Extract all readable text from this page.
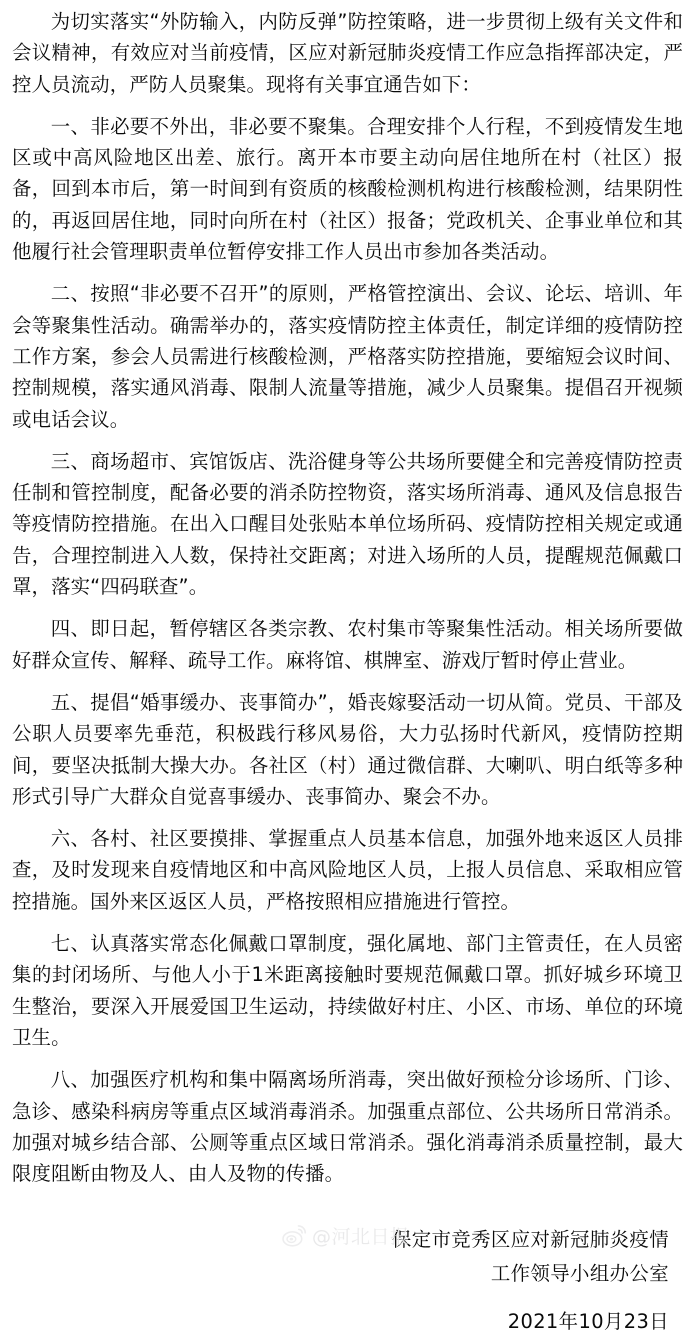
为切实落实“外防输入，内防反弹”防控策略，进一步贯彻上级有关文件和会议精神，有效应对当前疫情，区应对新冠肺炎疫情工作应急指挥部决定，严控人员流动，严防人员聚集。现将有关事宜通告如下：

一、非必要不外出，非必要不聚集。合理安排个人行程，不到疫情发生地区或中高风险地区出差、旅行。离开本市要主动向居住地所在村（社区）报备，回到本市后，第一时间到有资质的核酸检测机构进行核酸检测，结果阴性的，再返回居住地，同时向所在村（社区）报备；党政机关、企事业单位和其他履行社会管理职责单位暂停安排工作人员出市参加各类活动。

二、按照“非必要不召开”的原则，严格管控演出、会议、论坛、培训、年会等聚集性活动。确需举办的，落实疫情防控主体责任，制定详细的疫情防控工作方案，参会人员需进行核酸检测，严格落实防控措施，要缩短会议时间、控制规模，落实通风消毒、限制人流量等措施，减少人员聚集。提倡召开视频或电话会议。

三、商场超市、宾馆饭店、洗浴健身等公共场所要健全和完善疫情防控责任制和管控制度，配备必要的消杀防控物资，落实场所消毒、通风及信息报告等疫情防控措施。在出入口醒目处张贴本单位场所码、疫情防控相关规定或通告，合理控制进入人数，保持社交距离；对进入场所的人员，提醒规范佩戴口罩，落实“四码联查”。

四、即日起，暂停辖区各类宗教、农村集市等聚集性活动。相关场所要做好群众宣传、解释、疏导工作。麻将馆、棋牌室、游戏厅暂时停止营业。

五、提倡“婚事缓办、丧事简办”，婚丧嫁娶活动一切从简。党员、干部及公职人员要率先垂范，积极践行移风易俗，大力弘扬时代新风，疫情防控期间，要坚决抵制大操大办。各社区（村）通过微信群、大喇叭、明白纸等多种形式引导广大群众自觉喜事缓办、丧事简办、聚会不办。

六、各村、社区要摸排、掌握重点人员基本信息，加强外地来返区人员排查，及时发现来自疫情地区和中高风险地区人员，上报人员信息、采取相应管控措施。国外来区返区人员，严格按照相应措施进行管控。

七、认真落实常态化佩戴口罩制度，强化属地、部门主管责任，在人员密集的封闭场所、与他人小于1米距离接触时要规范佩戴口罩。抓好城乡环境卫生整治，要深入开展爱国卫生运动，持续做好村庄、小区、市场、单位的环境卫生。

八、加强医疗机构和集中隔离场所消毒，突出做好预检分诊场所、门诊、急诊、感染科病房等重点区域消毒消杀。加强重点部位、公共场所日常消杀。加强对城乡结合部、公厕等重点区域日常消杀。强化消毒消杀质量控制，最大限度阻断由物及人、由人及物的传播。

保定市竞秀区应对新冠肺炎疫情
工作领导小组办公室
2021年10月23日
@河北日报
